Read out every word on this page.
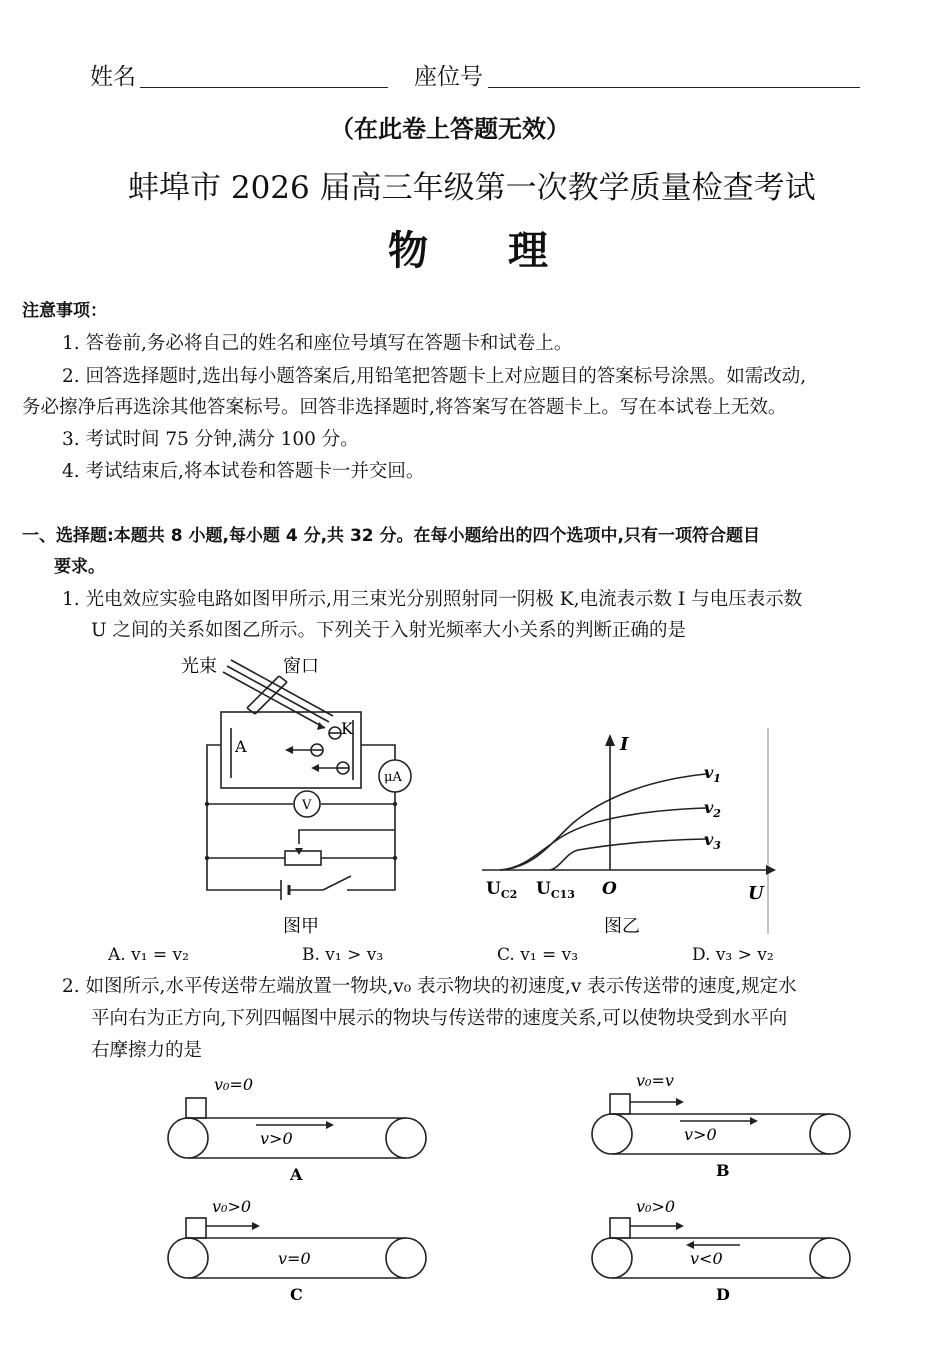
姓名	座位号
（在此卷上答题无效）
蚌埠市 2026 届高三年级第一次教学质量检查考试
物　　理
注意事项：
1. 答卷前,务必将自己的姓名和座位号填写在答题卡和试卷上。
2. 回答选择题时,选出每小题答案后,用铅笔把答题卡上对应题目的答案标号涂黑。如需改动,
务必擦净后再选涂其他答案标号。回答非选择题时,将答案写在答题卡上。写在本试卷上无效。
3. 考试时间 75 分钟,满分 100 分。
4. 考试结束后,将本试卷和答题卡一并交回。
一、选择题:本题共 8 小题,每小题 4 分,共 32 分。在每小题给出的四个选项中,只有一项符合题目
要求。
1. 光电效应实验电路如图甲所示,用三束光分别照射同一阴极 K,电流表示数 I 与电压表示数
U 之间的关系如图乙所示。下列关于入射光频率大小关系的判断正确的是
光束	窗口
K
A
μA
V
图甲
I
U
O
$U_{C2}$ $U_{C13}$
$v_1$
$v_2$
$v_3$
图乙
A. v₁ = v₂	B. v₁ > v₃	C. v₁ = v₃	D. v₃ > v₂
2. 如图所示,水平传送带左端放置一物块,v₀ 表示物块的初速度,v 表示传送带的速度,规定水
平向右为正方向,下列四幅图中展示的物块与传送带的速度关系,可以使物块受到水平向
右摩擦力的是
v₀=0
v>0
A
v₀=v
v>0
B
v₀>0
v=0
C
v₀>0
v<0
D
